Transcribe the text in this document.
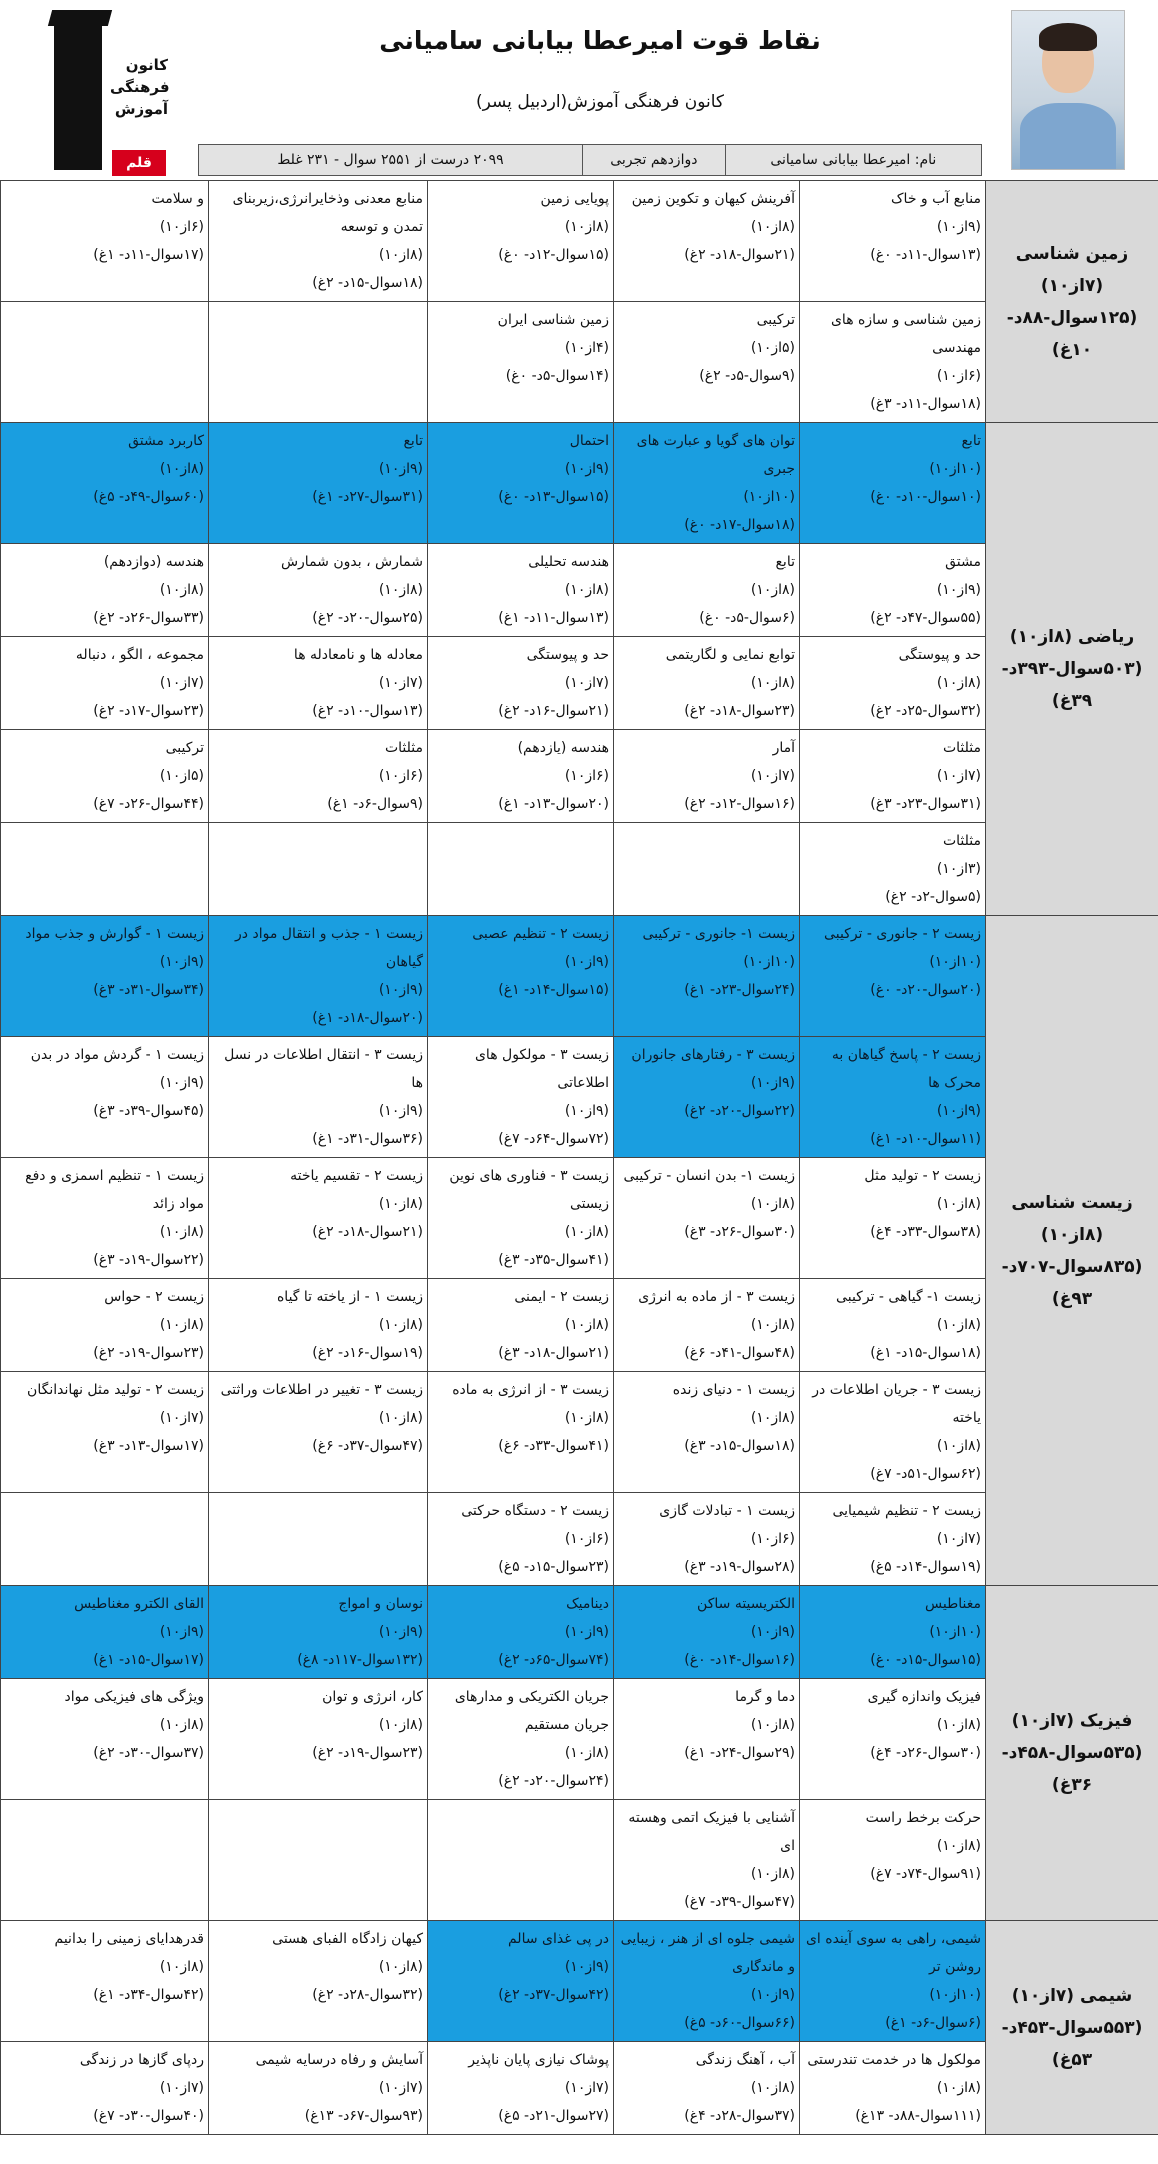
کانون
فرهنگی
آموزش
قلم چی
نقاط قوت امیرعطا بیابانی سامیانی
کانون فرهنگی آموزش(اردبیل پسر)
نام: امیرعطا بیابانی سامیانی
دوازدهم تجربی
۲۰۹۹ درست از ۲۵۵۱ سوال - ۲۳۱ غلط
زمین شناسی (۷از۱۰)
(۱۲۵سوال-۸۸د- ۱۰غ)	منابع آب و خاک
(۹از۱۰)
(۱۳سوال-۱۱د- ۰غ)	آفرینش کیهان و تکوین زمین
(۸از۱۰)
(۲۱سوال-۱۸د- ۲غ)	پویایی زمین
(۸از۱۰)
(۱۵سوال-۱۲د- ۰غ)	منابع معدنی وذخایرانرژی،زیربنای تمدن و توسعه
(۸از۱۰)
(۱۸سوال-۱۵د- ۲غ)	و سلامت
(۶از۱۰)
(۱۷سوال-۱۱د- ۱غ)

	زمین شناسی و سازه های مهندسی
(۶از۱۰)
(۱۸سوال-۱۱د- ۳غ)	ترکیبی
(۵از۱۰)
(۹سوال-۵د- ۲غ)	زمین شناسی ایران
(۴از۱۰)
(۱۴سوال-۵د- ۰غ)		

ریاضی (۸از۱۰)
(۵۰۳سوال-۳۹۳د-
۳۹غ)	تابع
(۱۰از۱۰)
(۱۰سوال-۱۰د- ۰غ)	توان های گویا و عبارت های جبری
(۱۰از۱۰)
(۱۸سوال-۱۷د- ۰غ)	احتمال
(۹از۱۰)
(۱۵سوال-۱۳د- ۰غ)	تابع
(۹از۱۰)
(۳۱سوال-۲۷د- ۱غ)	کاربرد مشتق
(۸از۱۰)
(۶۰سوال-۴۹د- ۵غ)

	مشتق
(۹از۱۰)
(۵۵سوال-۴۷د- ۲غ)	تابع
(۸از۱۰)
(۶سوال-۵د- ۰غ)	هندسه تحلیلی
(۸از۱۰)
(۱۳سوال-۱۱د- ۱غ)	شمارش ، بدون شمارش
(۸از۱۰)
(۲۵سوال-۲۰د- ۲غ)	هندسه (دوازدهم)
(۸از۱۰)
(۳۳سوال-۲۶د- ۲غ)

	حد و پیوستگی
(۸از۱۰)
(۳۲سوال-۲۵د- ۲غ)	توابع نمایی و لگاریتمی
(۸از۱۰)
(۲۳سوال-۱۸د- ۲غ)	حد و پیوستگی
(۷از۱۰)
(۲۱سوال-۱۶د- ۲غ)	معادله ها و نامعادله ها
(۷از۱۰)
(۱۳سوال-۱۰د- ۲غ)	مجموعه ، الگو ، دنباله
(۷از۱۰)
(۲۳سوال-۱۷د- ۲غ)

	مثلثات
(۷از۱۰)
(۳۱سوال-۲۳د- ۳غ)	آمار
(۷از۱۰)
(۱۶سوال-۱۲د- ۲غ)	هندسه (یازدهم)
(۶از۱۰)
(۲۰سوال-۱۳د- ۱غ)	مثلثات
(۶از۱۰)
(۹سوال-۶د- ۱غ)	ترکیبی
(۵از۱۰)
(۴۴سوال-۲۶د- ۷غ)

	مثلثات
(۳از۱۰)
(۵سوال-۲د- ۲غ)				

زیست شناسی (۸از۱۰)
(۸۳۵سوال-۷۰۷د-
۹۳غ)	زیست ۲ - جانوری - ترکیبی
(۱۰از۱۰)
(۲۰سوال-۲۰د- ۰غ)	زیست ۱- جانوری - ترکیبی
(۱۰از۱۰)
(۲۴سوال-۲۳د- ۱غ)	زیست ۲ - تنظیم عصبی
(۹از۱۰)
(۱۵سوال-۱۴د- ۱غ)	زیست ۱ - جذب و انتقال مواد در گیاهان
(۹از۱۰)
(۲۰سوال-۱۸د- ۱غ)	زیست ۱ - گوارش و جذب مواد
(۹از۱۰)
(۳۴سوال-۳۱د- ۳غ)

	زیست ۲ - پاسخ گیاهان به محرک ها
(۹از۱۰)
(۱۱سوال-۱۰د- ۱غ)	زیست ۳ - رفتارهای جانوران
(۹از۱۰)
(۲۲سوال-۲۰د- ۲غ)	زیست ۳ - مولکول های اطلاعاتی
(۹از۱۰)
(۷۲سوال-۶۴د- ۷غ)	زیست ۳ - انتقال اطلاعات در نسل ها
(۹از۱۰)
(۳۶سوال-۳۱د- ۱غ)	زیست ۱ - گردش مواد در بدن
(۹از۱۰)
(۴۵سوال-۳۹د- ۳غ)

	زیست ۲ - تولید مثل
(۸از۱۰)
(۳۸سوال-۳۳د- ۴غ)	زیست ۱- بدن انسان - ترکیبی
(۸از۱۰)
(۳۰سوال-۲۶د- ۳غ)	زیست ۳ - فناوری های نوین زیستی
(۸از۱۰)
(۴۱سوال-۳۵د- ۳غ)	زیست ۲ - تقسیم یاخته
(۸از۱۰)
(۲۱سوال-۱۸د- ۲غ)	زیست ۱ - تنظیم اسمزی و دفع مواد زائد
(۸از۱۰)
(۲۲سوال-۱۹د- ۳غ)

	زیست ۱- گیاهی - ترکیبی
(۸از۱۰)
(۱۸سوال-۱۵د- ۱غ)	زیست ۳ - از ماده به انرژی
(۸از۱۰)
(۴۸سوال-۴۱د- ۶غ)	زیست ۲ - ایمنی
(۸از۱۰)
(۲۱سوال-۱۸د- ۳غ)	زیست ۱ - از یاخته تا گیاه
(۸از۱۰)
(۱۹سوال-۱۶د- ۲غ)	زیست ۲ - حواس
(۸از۱۰)
(۲۳سوال-۱۹د- ۲غ)

	زیست ۳ - جریان اطلاعات در یاخته
(۸از۱۰)
(۶۲سوال-۵۱د- ۷غ)	زیست ۱ - دنیای زنده
(۸از۱۰)
(۱۸سوال-۱۵د- ۳غ)	زیست ۳ - از انرژی به ماده
(۸از۱۰)
(۴۱سوال-۳۳د- ۶غ)	زیست ۳ - تغییر در اطلاعات وراثتی
(۸از۱۰)
(۴۷سوال-۳۷د- ۶غ)	زیست ۲ - تولید مثل نهاندانگان
(۷از۱۰)
(۱۷سوال-۱۳د- ۳غ)

	زیست ۲ - تنظیم شیمیایی
(۷از۱۰)
(۱۹سوال-۱۴د- ۵غ)	زیست ۱ - تبادلات گازی
(۶از۱۰)
(۲۸سوال-۱۹د- ۳غ)	زیست ۲ - دستگاه حرکتی
(۶از۱۰)
(۲۳سوال-۱۵د- ۵غ)		

فیزیک (۷از۱۰)
(۵۳۵سوال-۴۵۸د-
۳۶غ)	مغناطیس
(۱۰از۱۰)
(۱۵سوال-۱۵د- ۰غ)	الکتریسیته ساکن
(۹از۱۰)
(۱۶سوال-۱۴د- ۰غ)	دینامیک
(۹از۱۰)
(۷۴سوال-۶۵د- ۲غ)	نوسان و امواج
(۹از۱۰)
(۱۳۲سوال-۱۱۷د- ۸غ)	القای الکترو مغناطیس
(۹از۱۰)
(۱۷سوال-۱۵د- ۱غ)

	فیزیک واندازه گیری
(۸از۱۰)
(۳۰سوال-۲۶د- ۴غ)	دما و گرما
(۸از۱۰)
(۲۹سوال-۲۴د- ۱غ)	جریان الکتریکی و مدارهای جریان مستقیم
(۸از۱۰)
(۲۴سوال-۲۰د- ۲غ)	کار، انرژی و توان
(۸از۱۰)
(۲۳سوال-۱۹د- ۲غ)	ویژگی های فیزیکی مواد
(۸از۱۰)
(۳۷سوال-۳۰د- ۲غ)

	حرکت برخط راست
(۸از۱۰)
(۹۱سوال-۷۴د- ۷غ)	آشنایی با فیزیک اتمی وهسته ای
(۸از۱۰)
(۴۷سوال-۳۹د- ۷غ)			

شیمی (۷از۱۰)
(۵۵۳سوال-۴۵۳د-
۵۳غ)	شیمی، راهی به سوی آینده ای روشن تر
(۱۰از۱۰)
(۶سوال-۶د- ۱غ)	شیمی جلوه ای از هنر ، زیبایی و ماندگاری
(۹از۱۰)
(۶۶سوال-۶۰د- ۵غ)	در پی غذای سالم
(۹از۱۰)
(۴۲سوال-۳۷د- ۲غ)	کیهان زادگاه الفبای هستی
(۸از۱۰)
(۳۲سوال-۲۸د- ۲غ)	قدرهدایای زمینی را بدانیم
(۸از۱۰)
(۴۲سوال-۳۴د- ۱غ)

	مولکول ها در خدمت تندرستی
(۸از۱۰)
(۱۱۱سوال-۸۸د- ۱۳غ)	آب ، آهنگ زندگی
(۸از۱۰)
(۳۷سوال-۲۸د- ۴غ)	پوشاک نیازی پایان ناپذیر
(۷از۱۰)
(۲۷سوال-۲۱د- ۵غ)	آسایش و رفاه درسایه شیمی
(۷از۱۰)
(۹۳سوال-۶۷د- ۱۳غ)	ردپای گازها در زندگی
(۷از۱۰)
(۴۰سوال-۳۰د- ۷غ)
